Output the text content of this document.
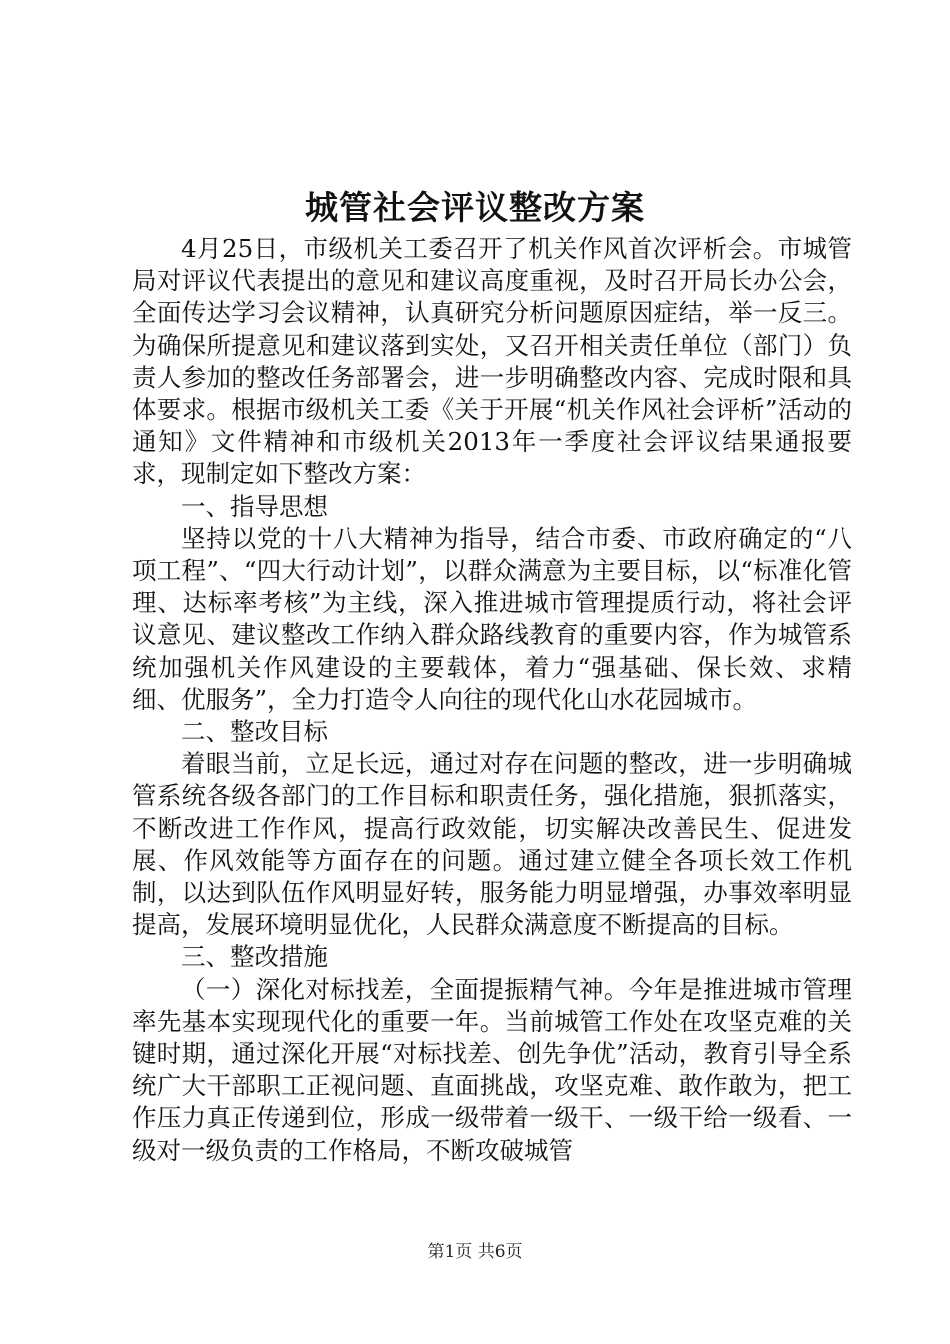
城管社会评议整改方案

4月25日，市级机关工委召开了机关作风首次评析会。市城管局对评议代表提出的意见和建议高度重视，及时召开局长办公会，全面传达学习会议精神，认真研究分析问题原因症结，举一反三。为确保所提意见和建议落到实处，又召开相关责任单位（部门）负责人参加的整改任务部署会，进一步明确整改内容、完成时限和具体要求。根据市级机关工委《关于开展“机关作风社会评析”活动的通知》文件精神和市级机关2013年一季度社会评议结果通报要求，现制定如下整改方案：

一、指导思想

坚持以党的十八大精神为指导，结合市委、市政府确定的“八项工程”、“四大行动计划”，以群众满意为主要目标，以“标准化管理、达标率考核”为主线，深入推进城市管理提质行动，将社会评议意见、建议整改工作纳入群众路线教育的重要内容，作为城管系统加强机关作风建设的主要载体，着力“强基础、保长效、求精细、优服务”，全力打造令人向往的现代化山水花园城市。

二、整改目标

着眼当前，立足长远，通过对存在问题的整改，进一步明确城管系统各级各部门的工作目标和职责任务，强化措施，狠抓落实，不断改进工作作风，提高行政效能，切实解决改善民生、促进发展、作风效能等方面存在的问题。通过建立健全各项长效工作机制，以达到队伍作风明显好转，服务能力明显增强，办事效率明显提高，发展环境明显优化，人民群众满意度不断提高的目标。

三、整改措施

（一）深化对标找差，全面提振精气神。今年是推进城市管理率先基本实现现代化的重要一年。当前城管工作处在攻坚克难的关键时期，通过深化开展“对标找差、创先争优”活动，教育引导全系统广大干部职工正视问题、直面挑战，攻坚克难、敢作敢为，把工作压力真正传递到位，形成一级带着一级干、一级干给一级看、一级对一级负责的工作格局，不断攻破城管

第1页 共6页
